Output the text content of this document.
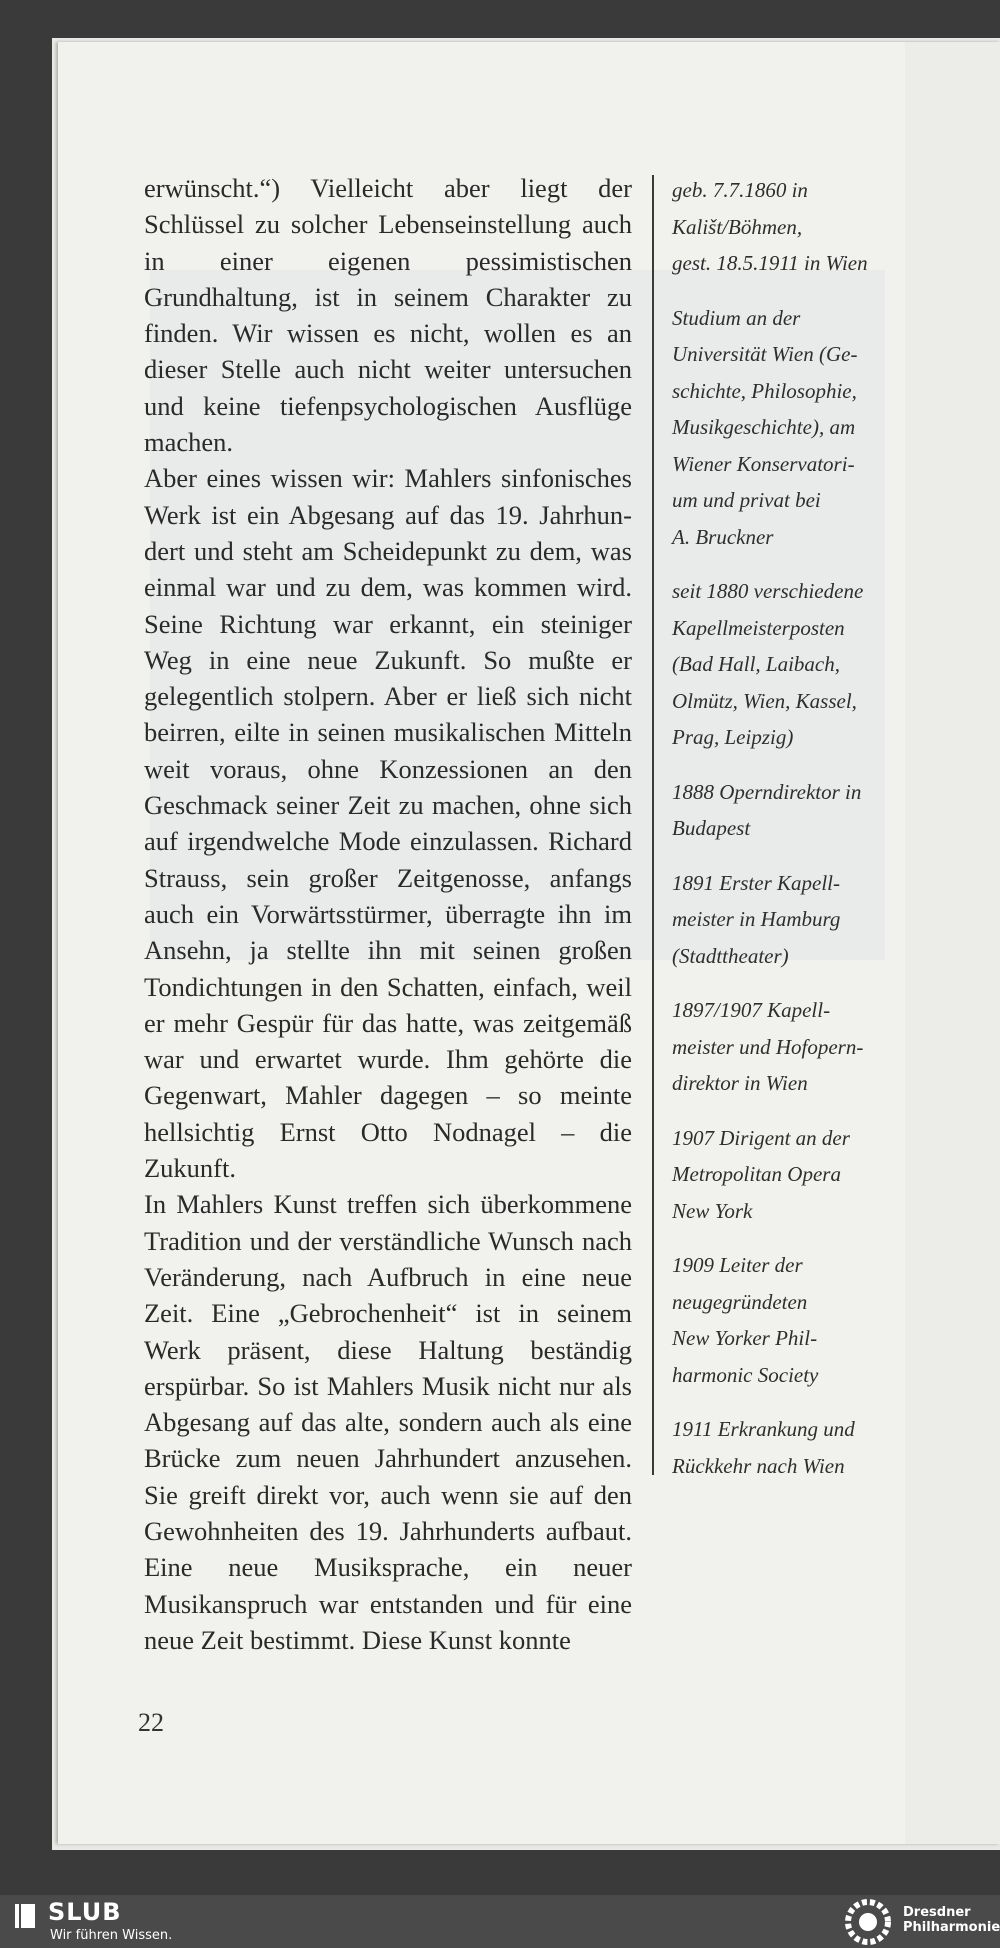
erwünscht.“) Vielleicht aber liegt der Schlüssel zu solcher Lebenseinstellung auch in einer eigenen pessimistischen Grundhaltung, ist in seinem Charakter zu finden. Wir wissen es nicht, wollen es an dieser Stelle auch nicht weiter untersuchen und keine tiefenpsychologischen Ausflüge machen.

Aber eines wissen wir: Mahlers sinfonisches Werk ist ein Abgesang auf das 19. Jahrhundert und steht am Scheidepunkt zu dem, was einmal war und zu dem, was kommen wird. Seine Richtung war erkannt, ein steiniger Weg in eine neue Zukunft. So mußte er gelegentlich stolpern. Aber er ließ sich nicht beirren, eilte in seinen musikalischen Mitteln weit voraus, ohne Konzessionen an den Geschmack seiner Zeit zu machen, ohne sich auf irgendwelche Mode einzulassen. Richard Strauss, sein großer Zeitgenosse, anfangs auch ein Vorwärtsstürmer, überragte ihn im Ansehn, ja stellte ihn mit seinen großen Tondichtungen in den Schatten, einfach, weil er mehr Gespür für das hatte, was zeitgemäß war und erwartet wurde. Ihm gehörte die Gegenwart, Mahler dagegen – so meinte hellsichtig Ernst Otto Nodnagel – die Zukunft.

In Mahlers Kunst treffen sich überkommene Tradition und der verständliche Wunsch nach Veränderung, nach Aufbruch in eine neue Zeit. Eine „Gebrochenheit“ ist in seinem Werk präsent, diese Haltung beständig erspürbar. So ist Mahlers Musik nicht nur als Abgesang auf das alte, sondern auch als eine Brücke zum neuen Jahrhundert anzusehen. Sie greift direkt vor, auch wenn sie auf den Gewohnheiten des 19. Jahrhunderts aufbaut. Eine neue Musiksprache, ein neuer Musikanspruch war entstanden und für eine neue Zeit bestimmt. Diese Kunst konnte

geb. 7.7.1860 in
Kališt/Böhmen,
gest. 18.5.1911 in Wien
Studium an der
Universität Wien (Ge-
schichte, Philosophie,
Musikgeschichte), am
Wiener Konservatori-
um und privat bei
A. Bruckner
seit 1880 verschiedene
Kapellmeisterposten
(Bad Hall, Laibach,
Olmütz, Wien, Kassel,
Prag, Leipzig)
1888 Operndirektor in
Budapest
1891 Erster Kapell-
meister in Hamburg
(Stadttheater)
1897/1907 Kapell-
meister und Hofopern-
direktor in Wien
1907 Dirigent an der
Metropolitan Opera
New York
1909 Leiter der
neugegründeten
New Yorker Phil-
harmonic Society
1911 Erkrankung und
Rückkehr nach Wien
22
SLUB
Wir führen Wissen.
Dresdner
Philharmonie
